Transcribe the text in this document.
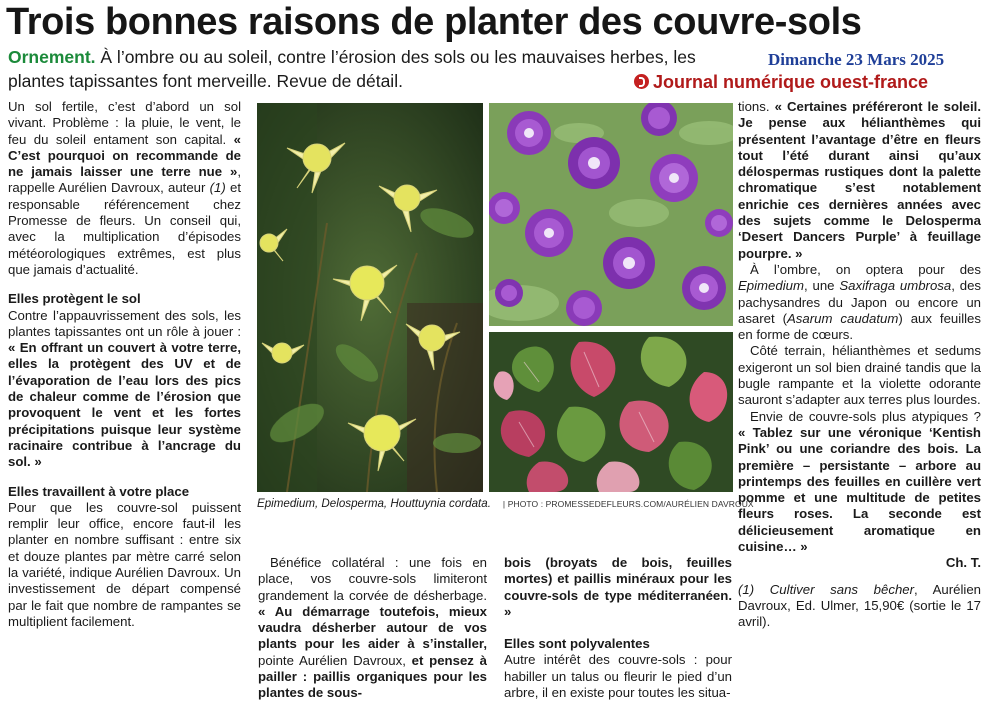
Trois bonnes raisons de planter des couvre-sols
Ornement. À l’ombre ou au soleil, contre l’érosion des sols ou les mauvaises herbes, les plantes tapissantes font merveille. Revue de détail.
Dimanche 23 Mars 2025
Journal numérique ouest-france

Un sol fertile, c’est d’abord un sol vivant. Problème : la pluie, le vent, le feu du soleil entament son capital. « C’est pourquoi on recommande de ne jamais laisser une terre nue », rappelle Aurélien Davroux, auteur (1) et responsable référencement chez Promesse de fleurs. Un conseil qui, avec la multiplication d’épisodes météorologiques extrêmes, est plus que jamais d’actualité.

Elles protègent le sol

Contre l’appauvrissement des sols, les plantes tapissantes ont un rôle à jouer : « En offrant un couvert à votre terre, elles la protègent des UV et de l’évaporation de l’eau lors des pics de chaleur comme de l’érosion que provoquent le vent et les fortes précipitations puisque leur système racinaire contribue à l’ancrage du sol. »

Elles travaillent à votre place

Pour que les couvre-sol puissent remplir leur office, encore faut-il les planter en nombre suffisant : entre six et douze plantes par mètre carré selon la variété, indique Aurélien Davroux. Un investissement de départ compensé par le fait que nombre de rampantes se multiplient facilement.

Epimedium, Delosperma, Houttuynia cordata. | PHOTO : PROMESSEDEFLEURS.COM/AURÉLIEN DAVROUX

Bénéfice collatéral : une fois en place, vos couvre-sols limiteront grandement la corvée de désherbage. « Au démarrage toutefois, mieux vaudra désherber autour de vos plants pour les aider à s’installer, pointe Aurélien Davroux, et pensez à pailler : paillis organiques pour les plantes de sous-

bois (broyats de bois, feuilles mortes) et paillis minéraux pour les couvre-sols de type méditerranéen. »

Elles sont polyvalentes

Autre intérêt des couvre-sols : pour habiller un talus ou fleurir le pied d’un arbre, il en existe pour toutes les situa-

tions. « Certaines préféreront le soleil. Je pense aux hélianthèmes qui présentent l’avantage d’être en fleurs tout l’été durant ainsi qu’aux délospermas rustiques dont la palette chromatique s’est notablement enrichie ces dernières années avec des sujets comme le Delosperma ‘Desert Dancers Purple’ à feuillage pourpre. »

À l’ombre, on optera pour des Epimedium, une Saxifraga umbrosa, des pachysandres du Japon ou encore un asaret (Asarum caudatum) aux feuilles en forme de cœurs.

Côté terrain, hélianthèmes et sedums exigeront un sol bien drainé tandis que la bugle rampante et la violette odorante sauront s’adapter aux terres plus lourdes.

Envie de couvre-sols plus atypiques ? « Tablez sur une véronique ‘Kentish Pink’ ou une coriandre des bois. La première – persistante – arbore au printemps des feuilles en cuillère vert pomme et une multitude de petites fleurs roses. La seconde est délicieusement aromatique en cuisine… »

Ch. T.

(1) Cultiver sans bêcher, Aurélien Davroux, Ed. Ulmer, 15,90€ (sortie le 17 avril).
